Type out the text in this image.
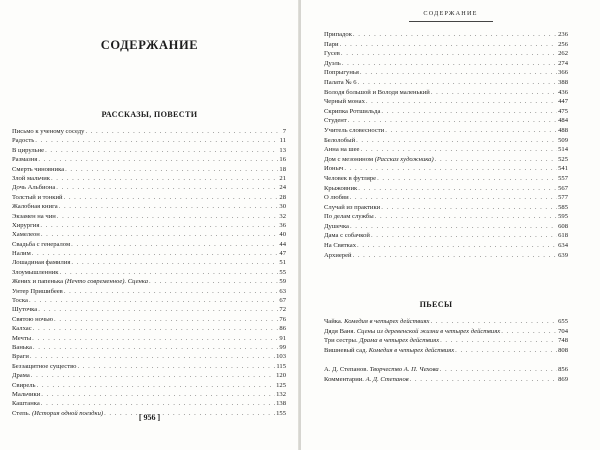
СОДЕРЖАНИЕ
РАССКАЗЫ, ПОВЕСТИ
Письмо к ученому соседу . . .	7
Радость . . .	11
В цирульне . . .	13
Размазня . . .	16
Смерть чиновника . . .	18
Злой мальчик . . .	21
Дочь Альбиона . . .	24
Толстый и тонкий . . .	28
Жалобная книга . . .	30
Экзамен на чин . . .	32
Хирургия . . .	36
Хамелеон . . .	40
Свадьба с генералом . . .	44
Налим . . .	47
Лошадиная фамилия . . .	51
Злоумышленник . . .	55
Жених и папенька (Нечто современное). Сценка . . .	59
Унтер Пришибеев . . .	63
Тоска . . .	67
Шуточка . . .	72
Святою ночью . . .	76
Калхас . . .	86
Мечты . . .	91
Ванька . . .	99
Враги . . .	103
Беззащитное существо . . .	115
Драма . . .	120
Свирель . . .	125
Мальчики . . .	132
Каштанка . . .	138
Степь. (История одной поездки) . . .	155
[ 956 ]
СОДЕРЖАНИЕ
Припадок . . .	236
Пари . . .	256
Гусев . . .	262
Дуэль . . .	274
Попрыгунья . . .	366
Палата № 6 . . .	388
Володя большой и Володя маленький . . .	436
Черный монах . . .	447
Скрипка Ротшильда . . .	475
Студент . . .	484
Учитель словесности . . .	488
Белолобый . . .	509
Анна на шее . . .	514
Дом с мезонином (Рассказ художника) . . .	525
Ионыч . . .	541
Человек в футляре . . .	557
Крыжовник . . .	567
О любви . . .	577
Случай из практики . . .	585
По делам службы . . .	595
Душечка . . .	608
Дама с собачкой . . .	618
На Святках . . .	634
Архиерей . . .	639
ПЬЕСЫ
Чайка. Комедия в четырех действиях . . .	655
Дядя Ваня. Сцены из деревенской жизни в четырех действиях . . .	704
Три сестры. Драма в четырех действиях . . .	748
Вишневый сад. Комедия в четырех действиях . . .	808
А. Д. Степанов. Творчество А. П. Чехова . . .	856
Комментарии. А. Д. Степанов . . .	869
